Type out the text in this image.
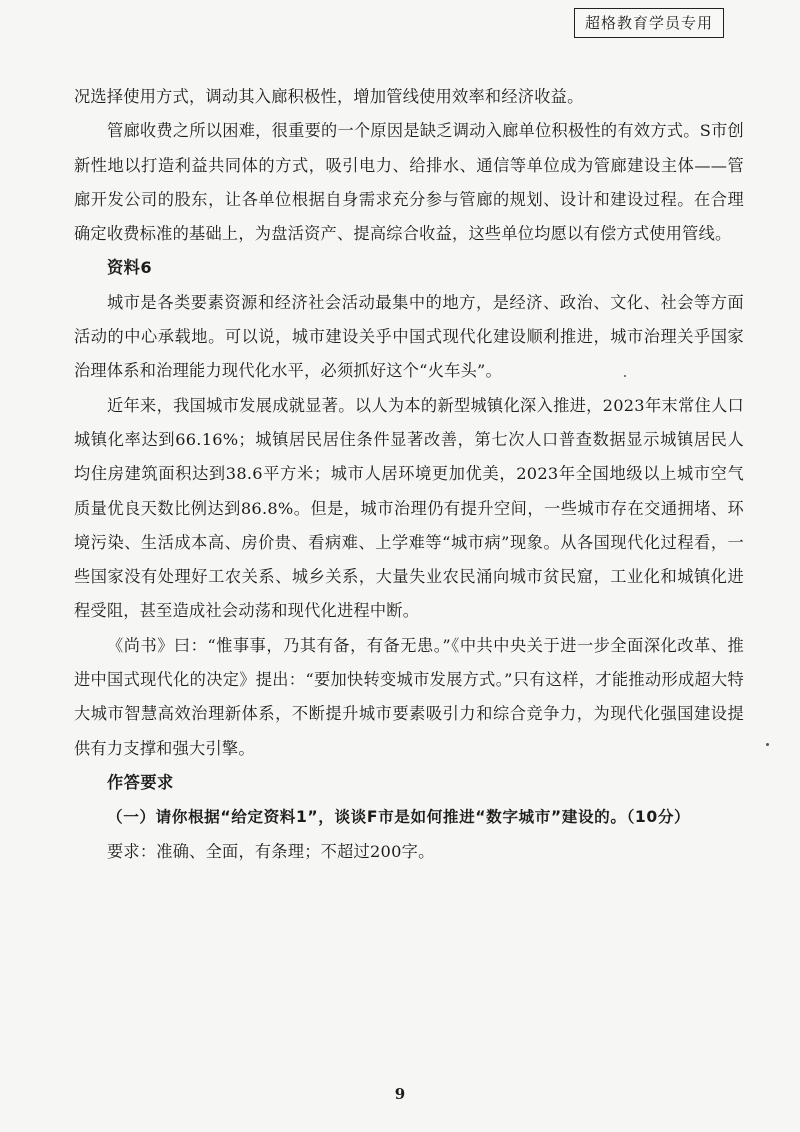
超格教育学员专用

况选择使用方式，调动其入廊积极性，增加管线使用效率和经济收益。

管廊收费之所以困难，很重要的一个原因是缺乏调动入廊单位积极性的有效方式。S市创新性地以打造利益共同体的方式，吸引电力、给排水、通信等单位成为管廊建设主体——管廊开发公司的股东，让各单位根据自身需求充分参与管廊的规划、设计和建设过程。在合理确定收费标准的基础上，为盘活资产、提高综合收益，这些单位均愿以有偿方式使用管线。

资料6

城市是各类要素资源和经济社会活动最集中的地方，是经济、政治、文化、社会等方面活动的中心承载地。可以说，城市建设关乎中国式现代化建设顺利推进，城市治理关乎国家治理体系和治理能力现代化水平，必须抓好这个“火车头”。

近年来，我国城市发展成就显著。以人为本的新型城镇化深入推进，2023年末常住人口城镇化率达到66.16%；城镇居民居住条件显著改善，第七次人口普查数据显示城镇居民人均住房建筑面积达到38.6平方米；城市人居环境更加优美，2023年全国地级以上城市空气质量优良天数比例达到86.8%。但是，城市治理仍有提升空间，一些城市存在交通拥堵、环境污染、生活成本高、房价贵、看病难、上学难等“城市病”现象。从各国现代化过程看，一些国家没有处理好工农关系、城乡关系，大量失业农民涌向城市贫民窟，工业化和城镇化进程受阻，甚至造成社会动荡和现代化进程中断。

《尚书》曰：“惟事事，乃其有备，有备无患。”《中共中央关于进一步全面深化改革、推进中国式现代化的决定》提出：“要加快转变城市发展方式。”只有这样，才能推动形成超大特大城市智慧高效治理新体系，不断提升城市要素吸引力和综合竞争力，为现代化强国建设提供有力支撑和强大引擎。

作答要求

（一）请你根据“给定资料1”，谈谈F市是如何推进“数字城市”建设的。（10分）

要求：准确、全面，有条理；不超过200字。

9
